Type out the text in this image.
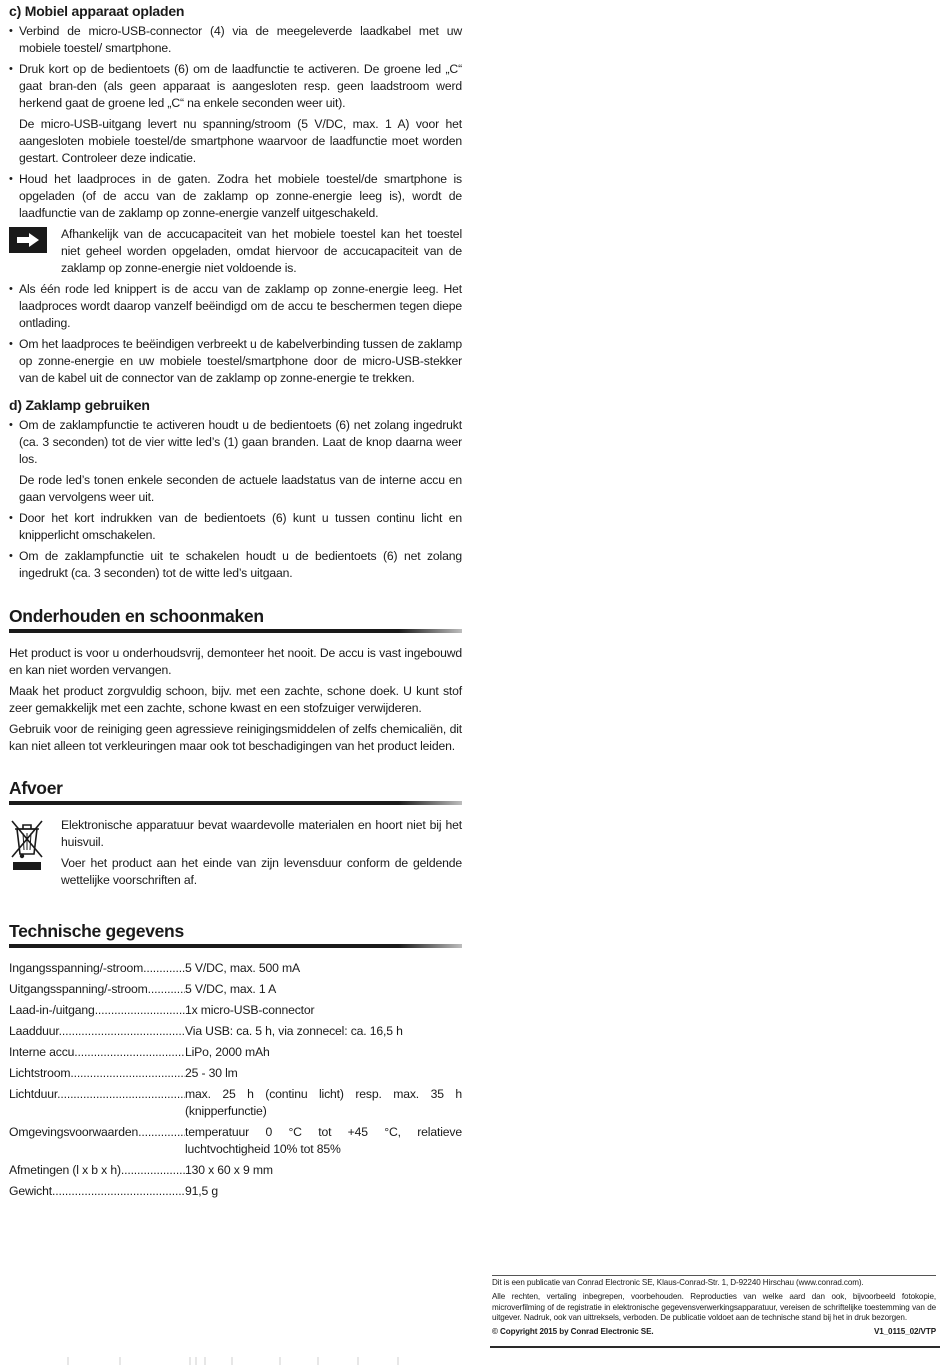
c) Mobiel apparaat opladen
• Verbind de micro-USB-connector (4) via de meegeleverde laadkabel met uw mobiele toestel/ smartphone.
• Druk kort op de bedientoets (6) om de laadfunctie te activeren. De groene led „C“ gaat bran-den (als geen apparaat is aangesloten resp. geen laadstroom werd herkend gaat de groene led „C“ na enkele seconden weer uit).
De micro-USB-uitgang levert nu spanning/stroom (5 V/DC, max. 1 A) voor het aangesloten mobiele toestel/de smartphone waarvoor de laadfunctie moet worden gestart. Controleer deze indicatie.
• Houd het laadproces in de gaten. Zodra het mobiele toestel/de smartphone is opgeladen (of de accu van de zaklamp op zonne-energie leeg is), wordt de laadfunctie van de zaklamp op zonne-energie vanzelf uitgeschakeld.
Afhankelijk van de accucapaciteit van het mobiele toestel kan het toestel niet geheel worden opgeladen, omdat hiervoor de accucapaciteit van de zaklamp op zonne-energie niet voldoende is.
• Als één rode led knippert is de accu van de zaklamp op zonne-energie leeg. Het laadproces wordt daarop vanzelf beëindigd om de accu te beschermen tegen diepe ontlading.
• Om het laadproces te beëindigen verbreekt u de kabelverbinding tussen de zaklamp op zonne-energie en uw mobiele toestel/smartphone door de micro-USB-stekker van de kabel uit de connector van de zaklamp op zonne-energie te trekken.
d) Zaklamp gebruiken
• Om de zaklampfunctie te activeren houdt u de bedientoets (6) net zolang ingedrukt (ca. 3 seconden) tot de vier witte led’s (1) gaan branden. Laat de knop daarna weer los.
De rode led’s tonen enkele seconden de actuele laadstatus van de interne accu en gaan vervolgens weer uit.
• Door het kort indrukken van de bedientoets (6) kunt u tussen continu licht en knipperlicht omschakelen.
• Om de zaklampfunctie uit te schakelen houdt u de bedientoets (6) net zolang ingedrukt (ca. 3 seconden) tot de witte led’s uitgaan.
Onderhouden en schoonmaken
Het product is voor u onderhoudsvrij, demonteer het nooit. De accu is vast ingebouwd en kan niet worden vervangen.
Maak het product zorgvuldig schoon, bijv. met een zachte, schone doek. U kunt stof zeer gemakkelijk met een zachte, schone kwast en een stofzuiger verwijderen.
Gebruik voor de reiniging geen agressieve reinigingsmiddelen of zelfs chemicaliën, dit kan niet alleen tot verkleuringen maar ook tot beschadigingen van het product leiden.
Afvoer
Elektronische apparatuur bevat waardevolle materialen en hoort niet bij het huisvuil.
Voer het product aan het einde van zijn levensduur conform de geldende wettelijke voorschriften af.
Technische gegevens
Ingangsspanning/-stroom .....	5 V/DC, max. 500 mA
Uitgangsspanning/-stroom .....	5 V/DC, max. 1 A
Laad-in-/uitgang .....	1x micro-USB-connector
Laadduur .....	Via USB: ca. 5 h, via zonnecel: ca. 16,5 h
Interne accu .....	LiPo, 2000 mAh
Lichtstroom .....	25 - 30 lm
Lichtduur .....	max. 25 h (continu licht) resp. max. 35 h (knipperfunctie)
Omgevingsvoorwaarden .....	temperatuur 0 °C tot +45 °C, relatieve luchtvochtigheid 10% tot 85%
Afmetingen (l x b x h) .....	130 x 60 x 9 mm
Gewicht .....	91,5 g

Dit is een publicatie van Conrad Electronic SE, Klaus-Conrad-Str. 1, D-92240 Hirschau (www.conrad.com).

Alle rechten, vertaling inbegrepen, voorbehouden. Reproducties van welke aard dan ook, bijvoorbeeld fotokopie, microverfilming of de registratie in elektronische gegevensverwerkingsapparatuur, vereisen de schriftelijke toestemming van de uitgever. Nadruk, ook van uittreksels, verboden. De publicatie voldoet aan de technische stand bij het in druk bezorgen.

© Copyright 2015 by Conrad Electronic SE.	V1_0115_02/VTP
